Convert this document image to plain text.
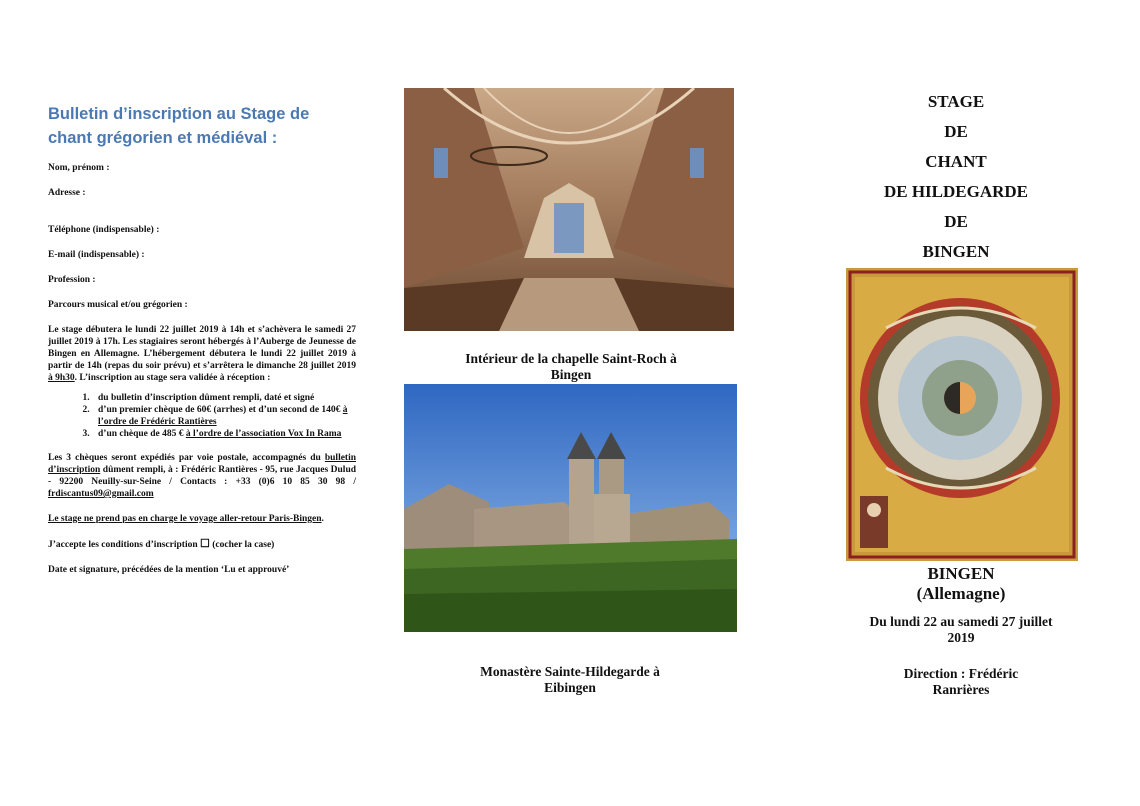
Bulletin d’inscription au Stage de chant grégorien et médiéval :

Nom, prénom :

Adresse :

Téléphone (indispensable) :

E-mail (indispensable) :

Profession :

Parcours musical et/ou grégorien :

Le stage débutera le lundi 22 juillet 2019 à 14h et s’achèvera le samedi 27 juillet 2019 à 17h. Les stagiaires seront hébergés à l’Auberge de Jeunesse de Bingen en Allemagne. L’hébergement débutera le lundi 22 juillet 2019 à partir de 14h (repas du soir prévu) et s’arrêtera le dimanche 28 juillet 2019 à 9h30. L’inscription au stage sera validée à réception :

1. du bulletin d’inscription dûment rempli, daté et signé
2. d’un premier chèque de 60€ (arrhes) et d’un second de 140€ à l’ordre de Frédéric Rantières
3. d’un chèque de 485 € à l’ordre de l’association Vox In Rama

Les 3 chèques seront expédiés par voie postale, accompagnés du bulletin d’inscription dûment rempli, à : Frédéric Rantières - 95, rue Jacques Dulud - 92200 Neuilly-sur-Seine / Contacts : +33 (0)6 10 85 30 98 / frdiscantus09@gmail.com

Le stage ne prend pas en charge le voyage aller-retour Paris-Bingen.

J’accepte les conditions d’inscription ☐ (cocher la case)

Date et signature, précédées de la mention ‘Lu et approuvé’

Intérieur de la chapelle Saint-Roch à Bingen
Monastère Sainte-Hildegarde à Eibingen
STAGE
DE
CHANT
DE HILDEGARDE
DE
BINGEN
BINGEN
(Allemagne)
Du lundi 22 au samedi 27 juillet 2019
Direction : Frédéric Ranrières
